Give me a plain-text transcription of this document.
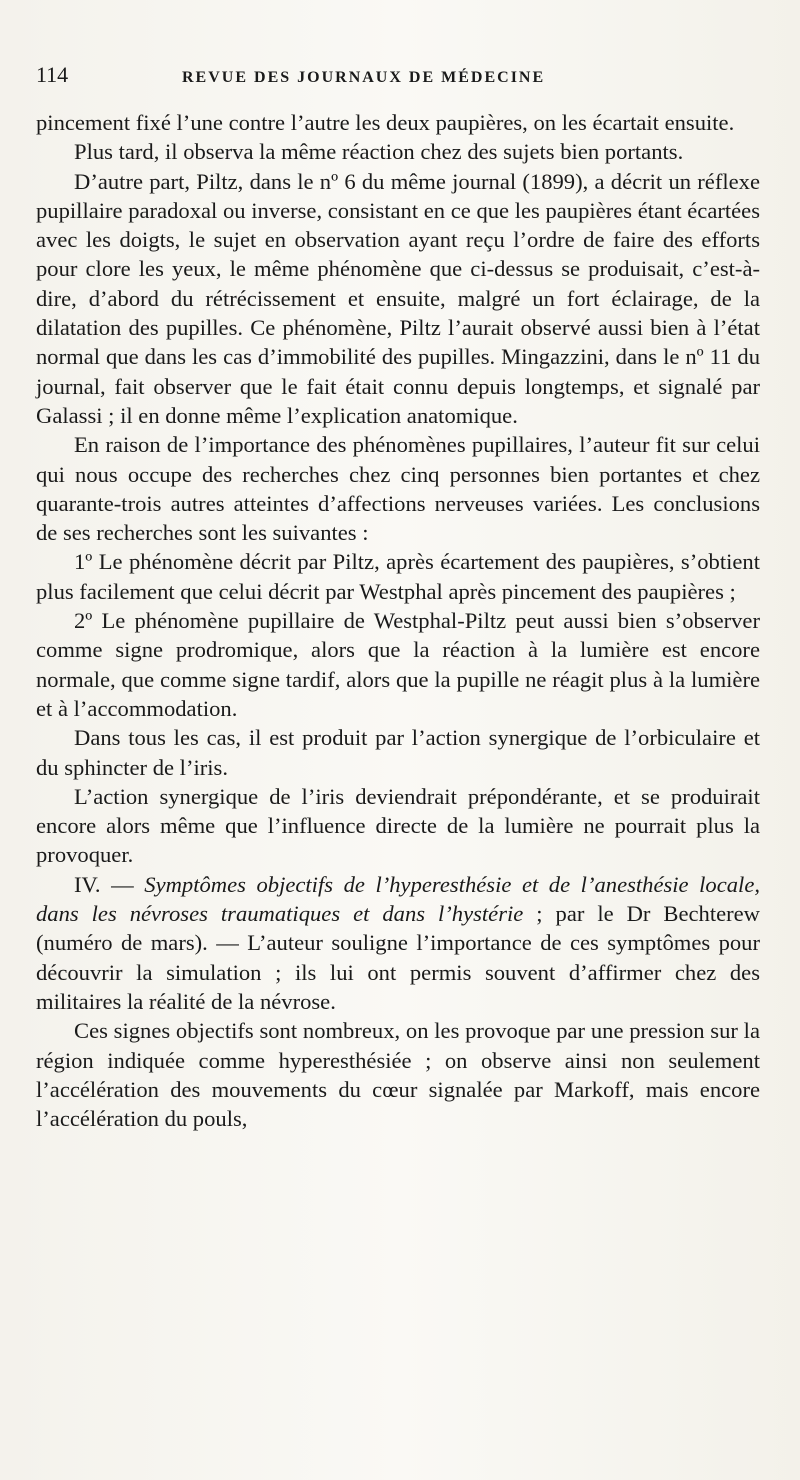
114	REVUE DES JOURNAUX DE MÉDECINE

pincement fixé l’une contre l’autre les deux paupières, on les écartait ensuite.

Plus tard, il observa la même réaction chez des sujets bien portants.

D’autre part, Piltz, dans le nº 6 du même journal (1899), a décrit un réflexe pupillaire paradoxal ou inverse, consistant en ce que les paupières étant écartées avec les doigts, le sujet en observation ayant reçu l’ordre de faire des efforts pour clore les yeux, le même phénomène que ci-dessus se produisait, c’est-à-dire, d’abord du rétrécissement et ensuite, malgré un fort éclairage, de la dilatation des pupilles. Ce phénomène, Piltz l’aurait observé aussi bien à l’état normal que dans les cas d’immobilité des pupilles. Mingazzini, dans le nº 11 du journal, fait observer que le fait était connu depuis longtemps, et signalé par Galassi ; il en donne même l’explication anatomique.

En raison de l’importance des phénomènes pupillaires, l’auteur fit sur celui qui nous occupe des recherches chez cinq personnes bien portantes et chez quarante-trois autres atteintes d’affections nerveuses variées. Les conclusions de ses recherches sont les suivantes :

1º Le phénomène décrit par Piltz, après écartement des paupières, s’obtient plus facilement que celui décrit par Westphal après pincement des paupières ;

2º Le phénomène pupillaire de Westphal-Piltz peut aussi bien s’observer comme signe prodromique, alors que la réaction à la lumière est encore normale, que comme signe tardif, alors que la pupille ne réagit plus à la lumière et à l’accommodation.

Dans tous les cas, il est produit par l’action synergique de l’orbiculaire et du sphincter de l’iris.

L’action synergique de l’iris deviendrait prépondérante, et se produirait encore alors même que l’influence directe de la lumière ne pourrait plus la provoquer.

IV. — Symptômes objectifs de l’hyperesthésie et de l’anesthésie locale, dans les névroses traumatiques et dans l’hystérie ; par le Dr Bechterew (numéro de mars). — L’auteur souligne l’importance de ces symptômes pour découvrir la simulation ; ils lui ont permis souvent d’affirmer chez des militaires la réalité de la névrose.

Ces signes objectifs sont nombreux, on les provoque par une pression sur la région indiquée comme hyperesthésiée ; on observe ainsi non seulement l’accélération des mouvements du cœur signalée par Markoff, mais encore l’accélération du pouls,
